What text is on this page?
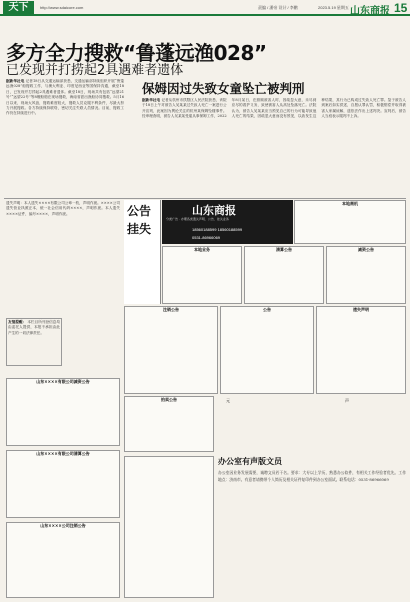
天下	http://www.sdaicore.com	责编 / 潘帝 设计 / 李鹏	2023.5.19 星期五 山东商报 15
多方全力搜救“鲁蓬远渔028”
已发现并打捞起2具遇难者遗体
据新华社电 记者18日从交通运输部获悉，交通运输部持续组织开展“鲁蓬远渔028”船搜救工作，与澳大利亚、印度尼西亚等国保持沟通，截至18日，已发现并打捞起2具遇难者遗体。截至18日，现场共有包括“远望21号”“远望22号”等8艘船舶在现场搜救，海南省派出渔船协同搜救。5月16日以来，现场大风浪，搜救难度较大，搜救人员克服不利条件，尽最大努力开展搜救。各方持续保持联络，密切关注失联人员情况。目前，搜救工作仍在持续进行中。
保姆因过失致女童坠亡被判刑
据新华社电 记者从杭州市拱墅区人民法院获悉，该院于18日上午对被告人吴某某过失致人死亡一案进行公开宣判，此案因为舆论关注的杭州某保姆坠楼事件。经审理查明，被告人吴某某受雇从事保姆工作，2022年8月某日，在照顾被害人时，因疏忽大意，未尽到应尽的看护义务，致使被害人从高处坠落死亡。法院认为，被告人吴某某应当预见自己的行为可能导致他人死亡的结果，因疏忽大意而没有预见，以致发生这种结果，其行为已构成过失致人死亡罪。鉴于被告人到案后如实供述，自愿认罪认罚，积极赔偿并取得被害人家属谅解，遂依法作出上述判决。宣判后，被告人当庭表示服判不上诉。
遗失声明：本人遗失××××有限公司公章一枚，声明作废。××××公司遗失营业执照正本，统一社会信用代码××××，声明作废。本人遗失××××证件，编号××××，声明作废。
友情提醒： 本栏目所刊登信息均由委托人提供，本报不承担由此产生的一切法律责任。
山东××××有限公司减资公告
山东××××有限公司清算公告
山东××××公司注销公告
公告
挂失
山东商报
分类广告 · 办理各类遗失声明、公告、挂失业务
18560188599 18560188599
0531-86966069
本地商机
本地业务	清算公告	减资公告
注销公告	公告	遗失声明
拍卖公告	元	声
办公室有声版文员
办公室因业务发展需要，诚聘文员若干名。要求：大专以上学历，熟悉办公软件，有相关工作经验者优先。工作地点：济南市。有意者请携带个人简历及相关证件复印件到办公室面试。联系电话：0531-86966069
